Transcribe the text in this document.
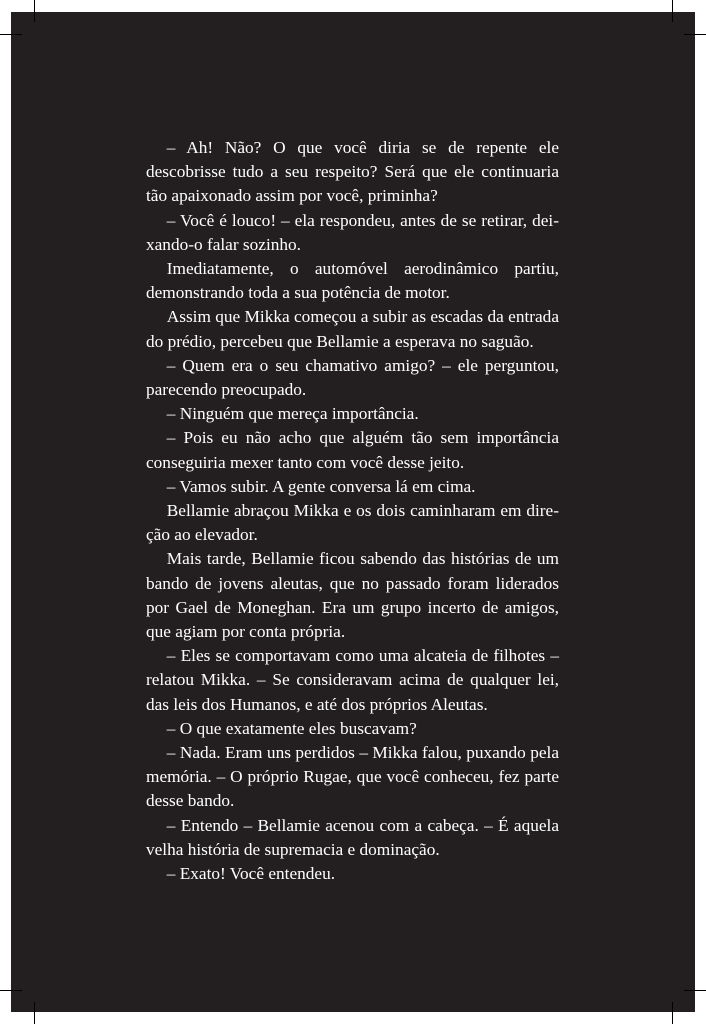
– Ah! Não? O que você diria se de repente ele descobrisse tudo a seu respeito? Será que ele continuaria tão apaixonado assim por você, priminha?

– Você é louco! – ela respondeu, antes de se retirar, deixando-o falar sozinho.

Imediatamente, o automóvel aerodinâmico partiu, demonstrando toda a sua potência de motor.

Assim que Mikka começou a subir as escadas da entrada do prédio, percebeu que Bellamie a esperava no saguão.

– Quem era o seu chamativo amigo? – ele perguntou, parecendo preocupado.

– Ninguém que mereça importância.

– Pois eu não acho que alguém tão sem importância conseguiria mexer tanto com você desse jeito.

– Vamos subir. A gente conversa lá em cima.

Bellamie abraçou Mikka e os dois caminharam em direção ao elevador.

Mais tarde, Bellamie ficou sabendo das histórias de um bando de jovens aleutas, que no passado foram liderados por Gael de Moneghan. Era um grupo incerto de amigos, que agiam por conta própria.

– Eles se comportavam como uma alcateia de filhotes – relatou Mikka. – Se consideravam acima de qualquer lei, das leis dos Humanos, e até dos próprios Aleutas.

– O que exatamente eles buscavam?

– Nada. Eram uns perdidos – Mikka falou, puxando pela memória. – O próprio Rugae, que você conheceu, fez parte desse bando.

– Entendo – Bellamie acenou com a cabeça. – É aquela velha história de supremacia e dominação.

– Exato! Você entendeu.
